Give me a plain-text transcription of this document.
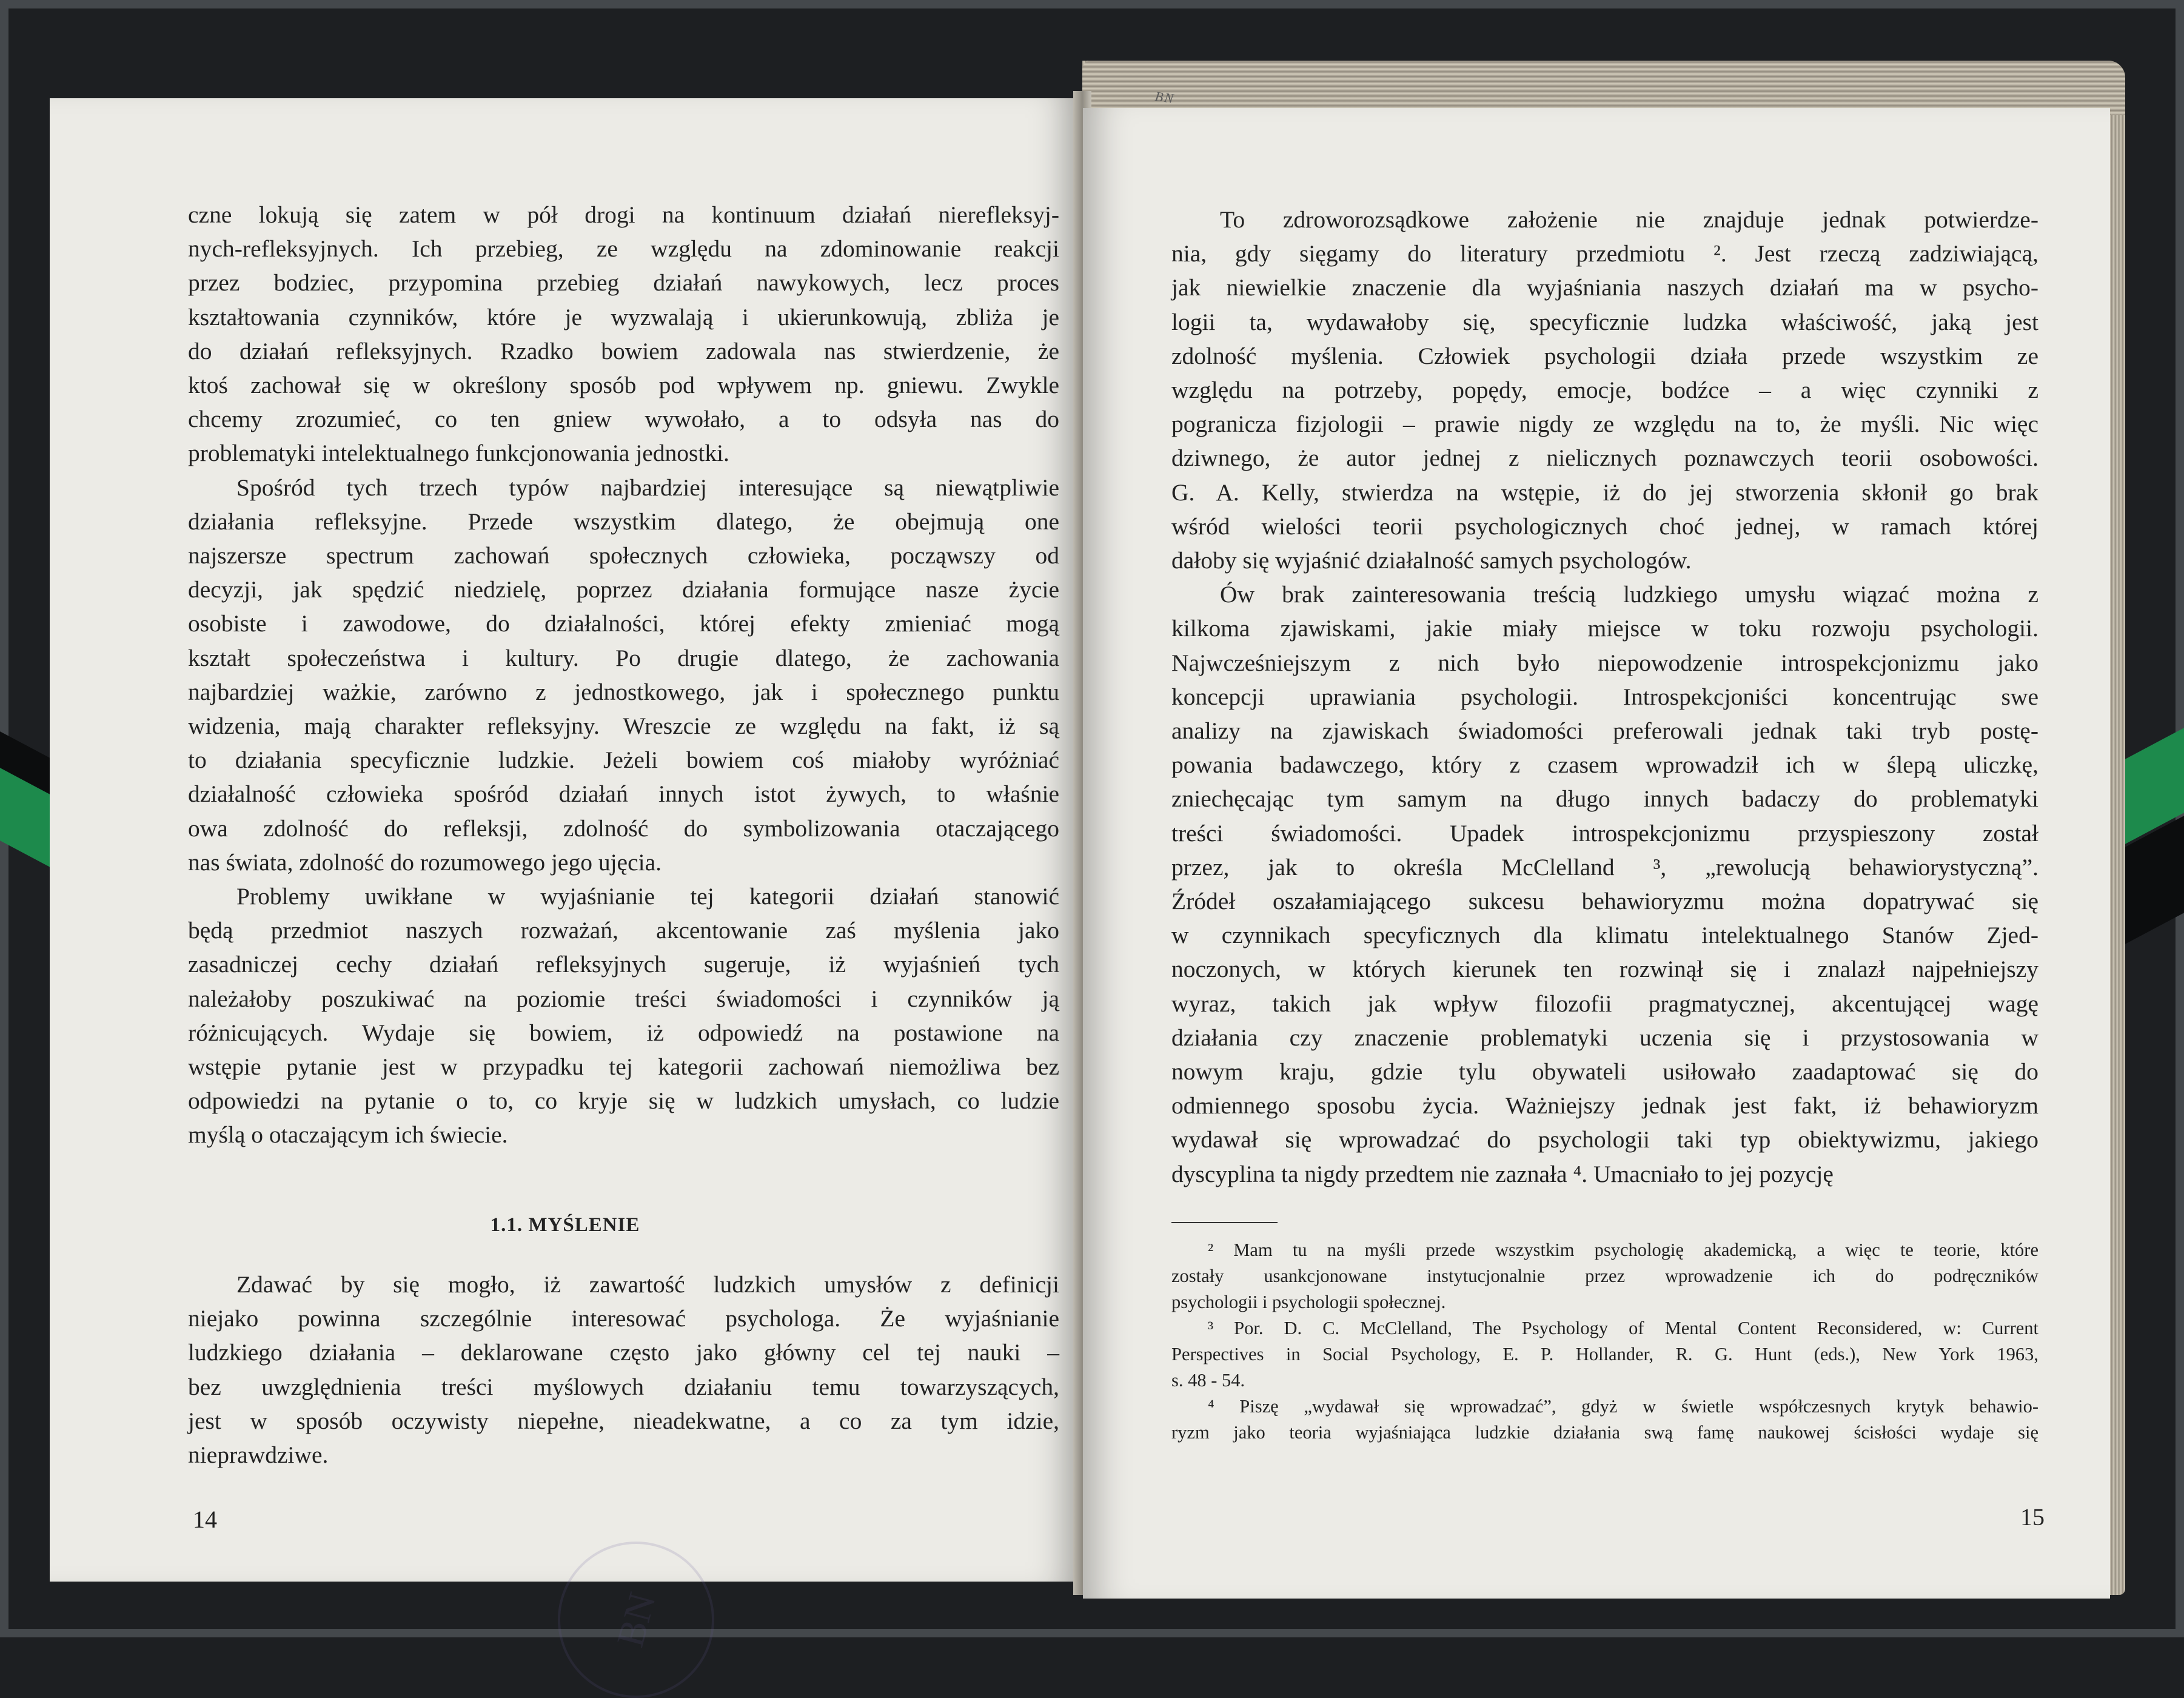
czne lokują się zatem w pół drogi na kontinuum działań nierefleksyj-
nych-refleksyjnych. Ich przebieg, ze względu na zdominowanie reakcji
przez bodziec, przypomina przebieg działań nawykowych, lecz proces
kształtowania czynników, które je wyzwalają i ukierunkowują, zbliża je
do działań refleksyjnych. Rzadko bowiem zadowala nas stwierdzenie, że
ktoś zachował się w określony sposób pod wpływem np. gniewu. Zwykle
chcemy zrozumieć, co ten gniew wywołało, a to odsyła nas do
problematyki intelektualnego funkcjonowania jednostki.
Spośród tych trzech typów najbardziej interesujące są niewątpliwie
działania refleksyjne. Przede wszystkim dlatego, że obejmują one
najszersze spectrum zachowań społecznych człowieka, począwszy od
decyzji, jak spędzić niedzielę, poprzez działania formujące nasze życie
osobiste i zawodowe, do działalności, której efekty zmieniać mogą
kształt społeczeństwa i kultury. Po drugie dlatego, że zachowania
najbardziej ważkie, zarówno z jednostkowego, jak i społecznego punktu
widzenia, mają charakter refleksyjny. Wreszcie ze względu na fakt, iż są
to działania specyficznie ludzkie. Jeżeli bowiem coś miałoby wyróżniać
działalność człowieka spośród działań innych istot żywych, to właśnie
owa zdolność do refleksji, zdolność do symbolizowania otaczającego
nas świata, zdolność do rozumowego jego ujęcia.
Problemy uwikłane w wyjaśnianie tej kategorii działań stanowić
będą przedmiot naszych rozważań, akcentowanie zaś myślenia jako
zasadniczej cechy działań refleksyjnych sugeruje, iż wyjaśnień tych
należałoby poszukiwać na poziomie treści świadomości i czynników ją
różnicujących. Wydaje się bowiem, iż odpowiedź na postawione na
wstępie pytanie jest w przypadku tej kategorii zachowań niemożliwa bez
odpowiedzi na pytanie o to, co kryje się w ludzkich umysłach, co ludzie
myślą o otaczającym ich świecie.
1.1. MYŚLENIE
Zdawać by się mogło, iż zawartość ludzkich umysłów z definicji
niejako powinna szczególnie interesować psychologa. Że wyjaśnianie
ludzkiego działania – deklarowane często jako główny cel tej nauki –
bez uwzględnienia treści myślowych działaniu temu towarzyszących,
jest w sposób oczywisty niepełne, nieadekwatne, a co za tym idzie,
nieprawdziwe.
BN
14
BN
To zdroworozsądkowe założenie nie znajduje jednak potwierdze-
nia, gdy sięgamy do literatury przedmiotu ². Jest rzeczą zadziwiającą,
jak niewielkie znaczenie dla wyjaśniania naszych działań ma w psycho-
logii ta, wydawałoby się, specyficznie ludzka właściwość, jaką jest
zdolność myślenia. Człowiek psychologii działa przede wszystkim ze
względu na potrzeby, popędy, emocje, bodźce – a więc czynniki z
pogranicza fizjologii – prawie nigdy ze względu na to, że myśli. Nic więc
dziwnego, że autor jednej z nielicznych poznawczych teorii osobowości.
G. A. Kelly, stwierdza na wstępie, iż do jej stworzenia skłonił go brak
wśród wielości teorii psychologicznych choć jednej, w ramach której
dałoby się wyjaśnić działalność samych psychologów.
Ów brak zainteresowania treścią ludzkiego umysłu wiązać można z
kilkoma zjawiskami, jakie miały miejsce w toku rozwoju psychologii.
Najwcześniejszym z nich było niepowodzenie introspekcjonizmu jako
koncepcji uprawiania psychologii. Introspekcjoniści koncentrując swe
analizy na zjawiskach świadomości preferowali jednak taki tryb postę-
powania badawczego, który z czasem wprowadził ich w ślepą uliczkę,
zniechęcając tym samym na długo innych badaczy do problematyki
treści świadomości. Upadek introspekcjonizmu przyspieszony został
przez, jak to określa McClelland ³, „rewolucją behawiorystyczną”.
Źródeł oszałamiającego sukcesu behawioryzmu można dopatrywać się
w czynnikach specyficznych dla klimatu intelektualnego Stanów Zjed-
noczonych, w których kierunek ten rozwinął się i znalazł najpełniejszy
wyraz, takich jak wpływ filozofii pragmatycznej, akcentującej wagę
działania czy znaczenie problematyki uczenia się i przystosowania w
nowym kraju, gdzie tylu obywateli usiłowało zaadaptować się do
odmiennego sposobu życia. Ważniejszy jednak jest fakt, iż behawioryzm
wydawał się wprowadzać do psychologii taki typ obiektywizmu, jakiego
dyscyplina ta nigdy przedtem nie zaznała ⁴. Umacniało to jej pozycję
² Mam tu na myśli przede wszystkim psychologię akademicką, a więc te teorie, które
zostały usankcjonowane instytucjonalnie przez wprowadzenie ich do podręczników
psychologii i psychologii społecznej.
³ Por. D. C. McClelland, The Psychology of Mental Content Reconsidered, w: Current
Perspectives in Social Psychology, E. P. Hollander, R. G. Hunt (eds.), New York 1963,
s. 48 - 54.
⁴ Piszę „wydawał się wprowadzać”, gdyż w świetle współczesnych krytyk behawio-
ryzm jako teoria wyjaśniająca ludzkie działania swą famę naukowej ścisłości wydaje się
15
